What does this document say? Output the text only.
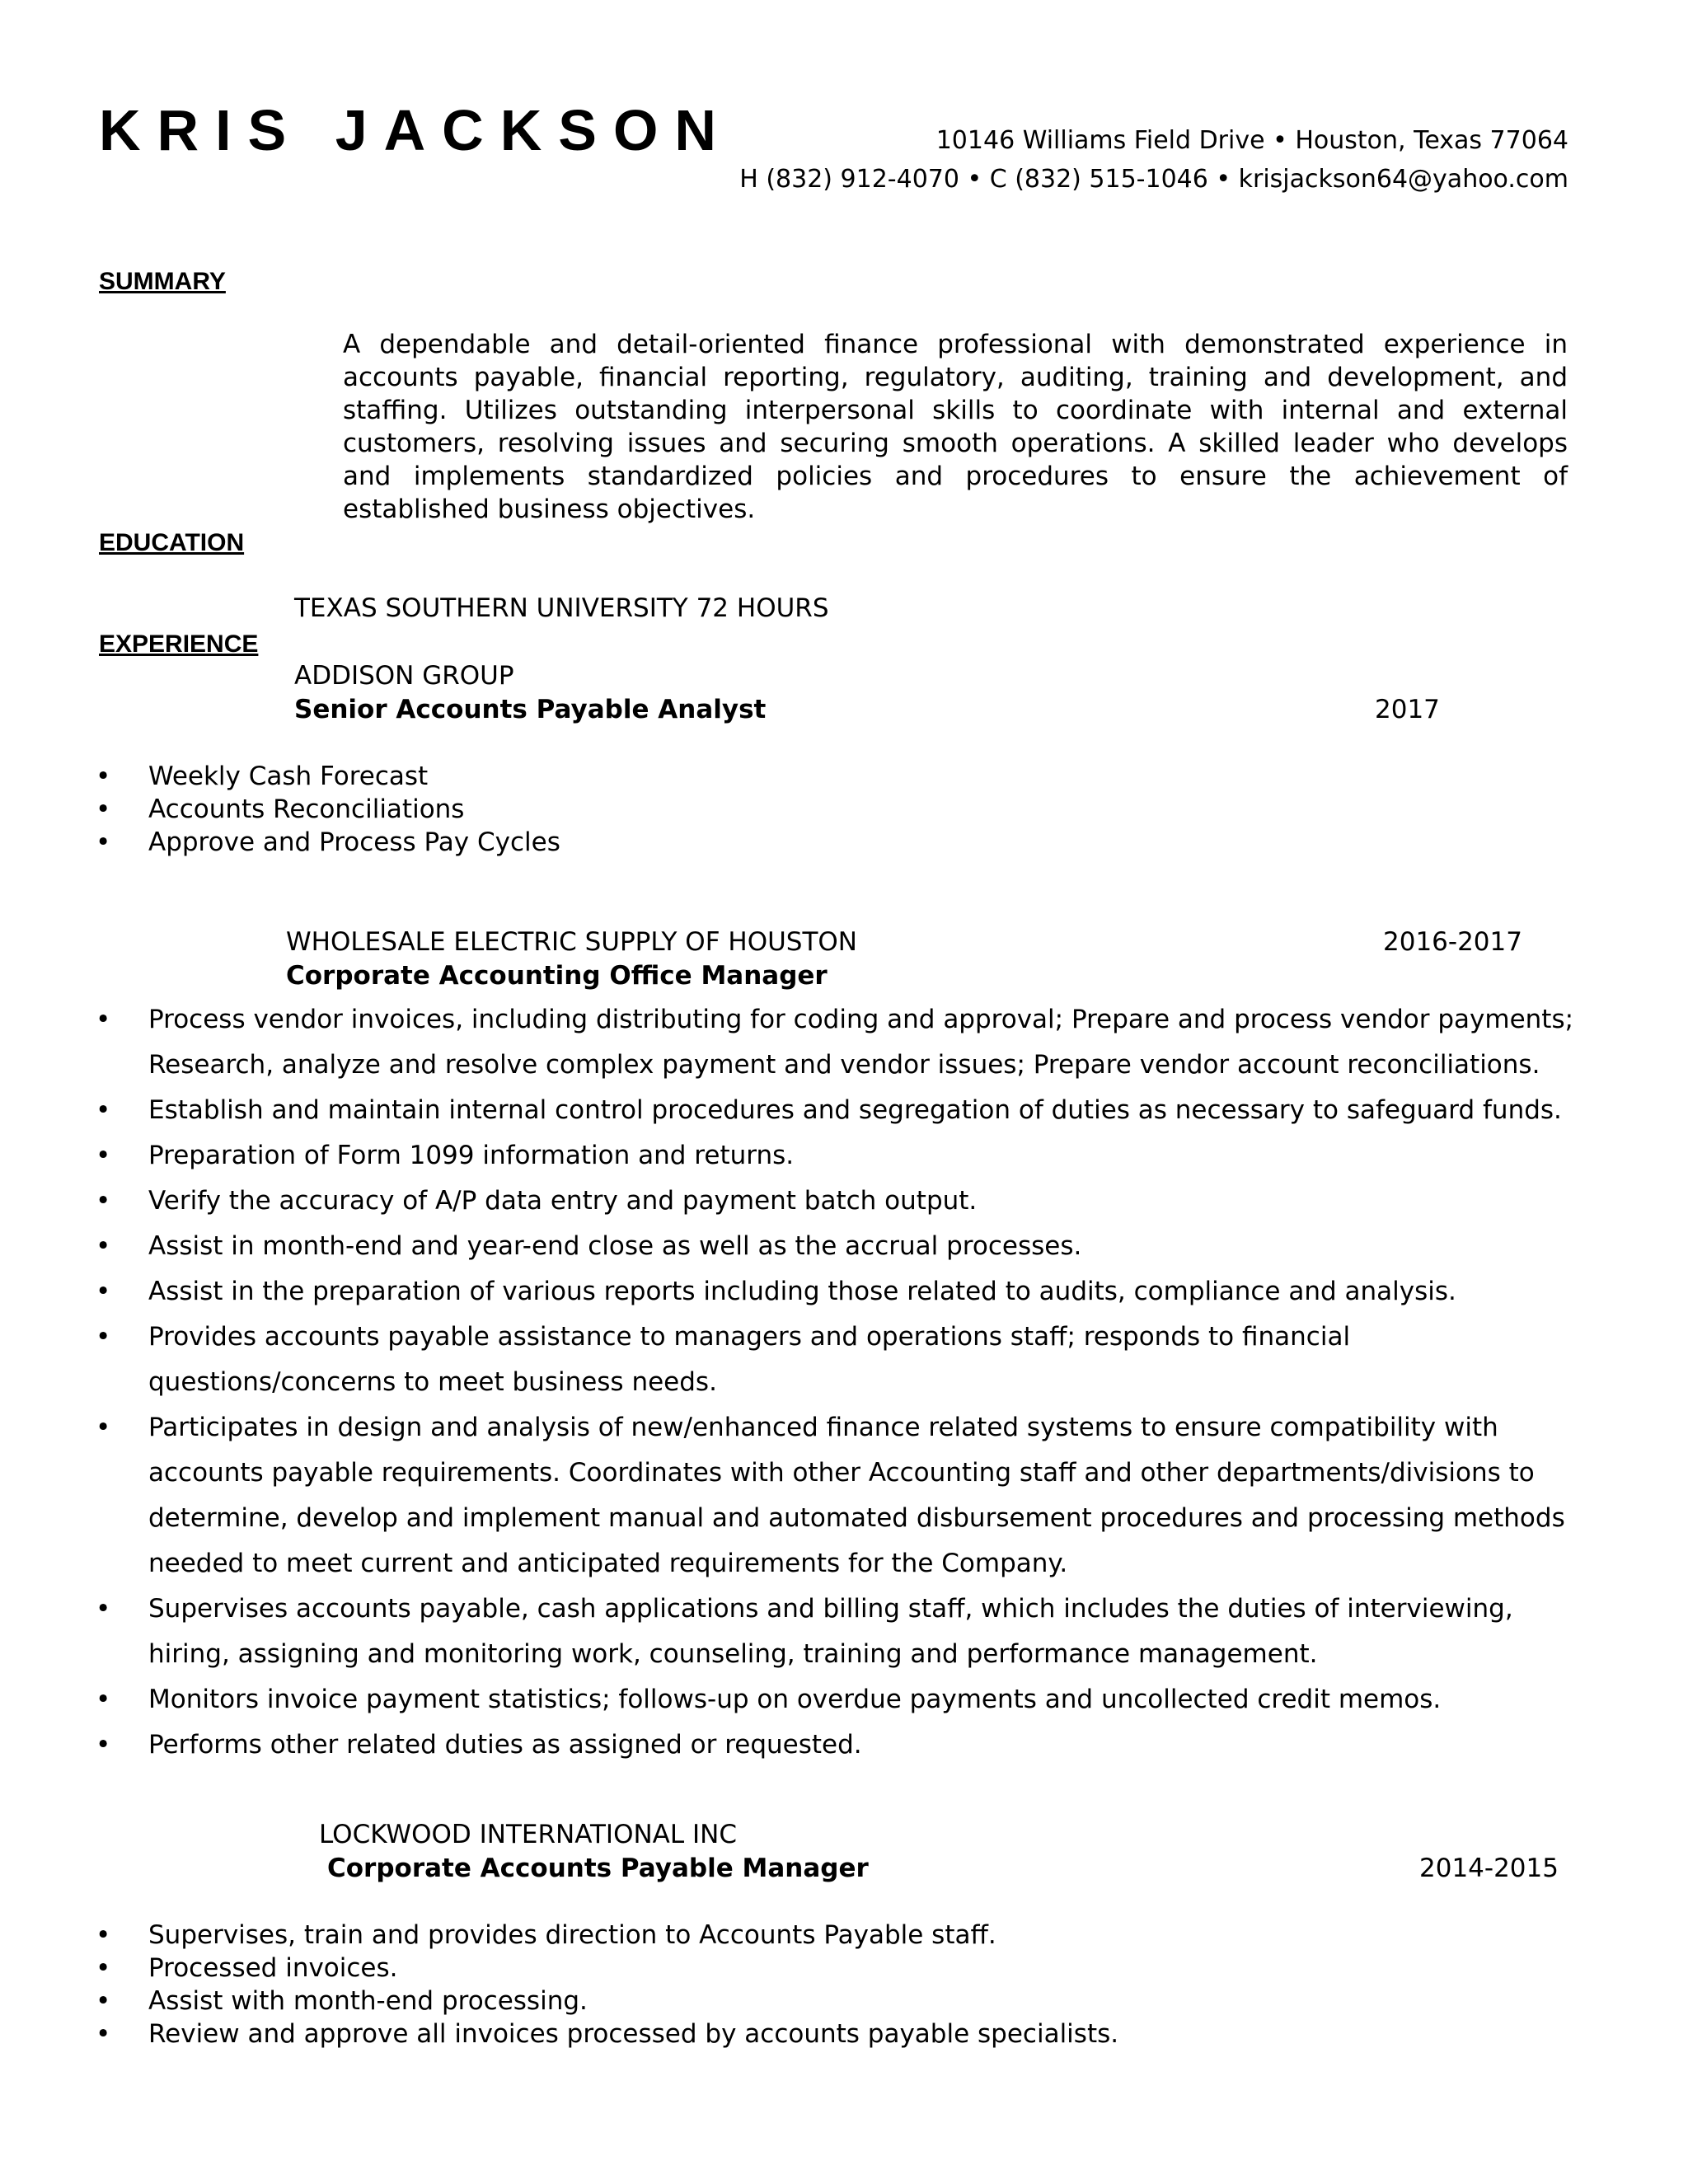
KRIS JACKSON	10146 Williams Field Drive • Houston, Texas 77064
H (832) 912-4070 • C (832) 515-1046 • krisjackson64@yahoo.com
SUMMARY
A dependable and detail-oriented finance professional with demonstrated experience in accounts payable, financial reporting, regulatory, auditing, training and development, and staffing. Utilizes outstanding interpersonal skills to coordinate with internal and external customers, resolving issues and securing smooth operations. A skilled leader who develops and implements standardized policies and procedures to ensure the achievement of established business objectives.
EDUCATION
TEXAS SOUTHERN UNIVERSITY 72 HOURS
EXPERIENCE
ADDISON GROUP
Senior Accounts Payable Analyst	2017
• Weekly Cash Forecast
• Accounts Reconciliations
• Approve and Process Pay Cycles
WHOLESALE ELECTRIC SUPPLY OF HOUSTON	2016-2017
Corporate Accounting Office Manager
• Process vendor invoices, including distributing for coding and approval; Prepare and process vendor payments; Research, analyze and resolve complex payment and vendor issues; Prepare vendor account reconciliations.
• Establish and maintain internal control procedures and segregation of duties as necessary to safeguard funds.
• Preparation of Form 1099 information and returns.
• Verify the accuracy of A/P data entry and payment batch output.
• Assist in month-end and year-end close as well as the accrual processes.
• Assist in the preparation of various reports including those related to audits, compliance and analysis.
• Provides accounts payable assistance to managers and operations staff; responds to financial questions/concerns to meet business needs.
• Participates in design and analysis of new/enhanced finance related systems to ensure compatibility with accounts payable requirements. Coordinates with other Accounting staff and other departments/divisions to determine, develop and implement manual and automated disbursement procedures and processing methods needed to meet current and anticipated requirements for the Company.
• Supervises accounts payable, cash applications and billing staff, which includes the duties of interviewing, hiring, assigning and monitoring work, counseling, training and performance management.
• Monitors invoice payment statistics; follows-up on overdue payments and uncollected credit memos.
• Performs other related duties as assigned or requested.
LOCKWOOD INTERNATIONAL INC
Corporate Accounts Payable Manager	2014-2015
• Supervises, train and provides direction to Accounts Payable staff.
• Processed invoices.
• Assist with month-end processing.
• Review and approve all invoices processed by accounts payable specialists.
